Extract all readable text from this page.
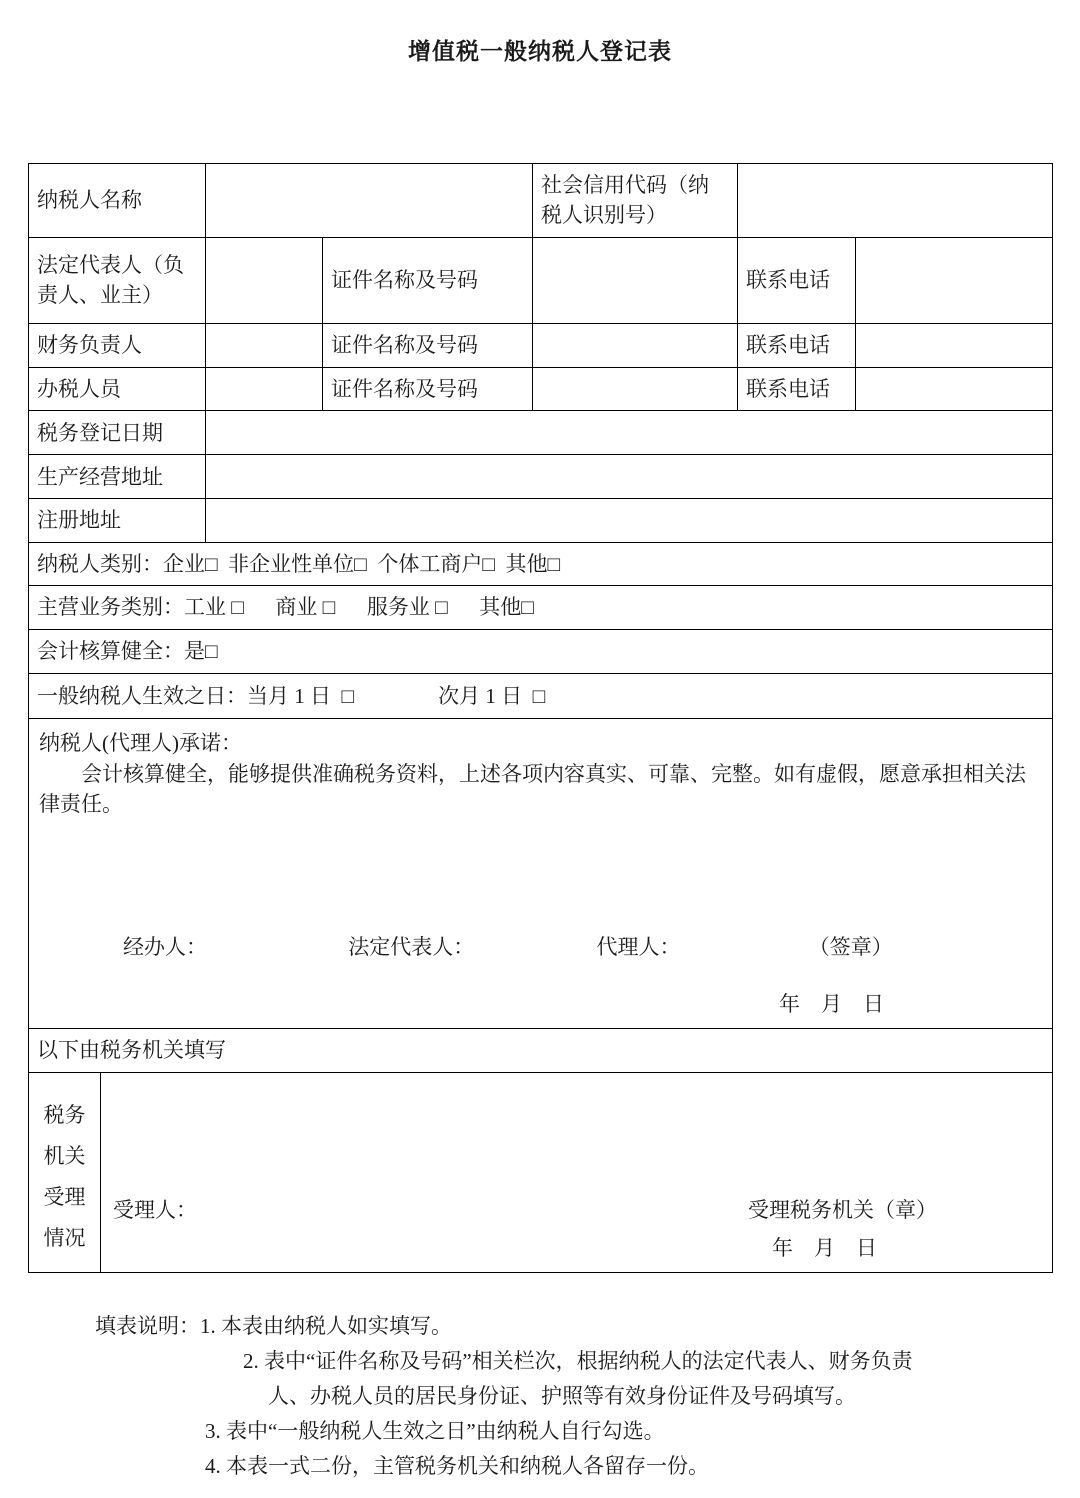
增值税一般纳税人登记表
纳税人名称				社会信用代码（纳税人识别号）		
法定代表人（负责人、业主）			证件名称及号码		联系电话	
财务负责人			证件名称及号码		联系电话	
办税人员			证件名称及号码		联系电话	
税务登记日期						
生产经营地址						
注册地址						
纳税人类别：企业□  非企业性单位□  个体工商户□  其他□						
主营业务类别：工业 □      商业 □      服务业 □      其他□						
会计核算健全：是□						
一般纳税人生效之日：当月 1 日  □                次月 1 日  □						

纳税人(代理人)承诺：
会计核算健全，能够提供准确税务资料，上述各项内容真实、可靠、完整。如有虚假，愿意承担相关法律责任。
经办人： 法定代表人： 代理人： （签章）
年    月    日						

以下由税务机关填写						

税务
机关
受理
情况

受理人：	受理税务机关（章）
年    月    日
填表说明：1. 本表由纳税人如实填写。
2. 表中“证件名称及号码”相关栏次，根据纳税人的法定代表人、财务负责
人、办税人员的居民身份证、护照等有效身份证件及号码填写。
3. 表中“一般纳税人生效之日”由纳税人自行勾选。
4. 本表一式二份，主管税务机关和纳税人各留存一份。
